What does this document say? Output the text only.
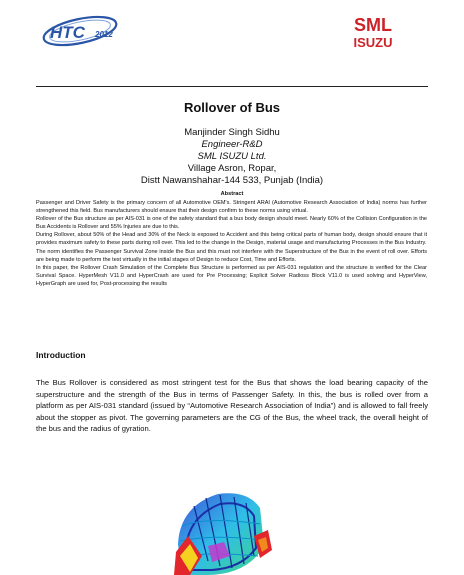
HTC 2012	SML
ISUZU
Rollover of Bus
Manjinder Singh Sidhu
Engineer-R&D
SML ISUZU Ltd.
Village Asron, Ropar,
Distt Nawanshahar-144 533, Punjab (India)
Abstract

Passenger and Driver Safety is the primary concern of all Automotive OEM's. Stringent ARAI (Automotive Research Association of India) norms has further strengthened this field. Bus manufacturers should ensure that their design confirm to these norms using virtual.

Rollover of the Bus structure as per AIS-031 is one of the safety standard that a bus body design should meet. Nearly 60% of the Collision Configuration in the Bus Accidents is Rollover and 55% Injuries are due to this.

During Rollover, about 50% of the Head and 30% of the Neck is exposed to Accident and this being critical parts of human body, design should ensure that it provides maximum safety to these parts during roll over. This led to the change in the Design, material usage and manufacturing Processes in the Bus Industry.

The norm identifies the Passenger Survival Zone inside the Bus and this must not interfere with the Superstructure of the Bus in the event of roll over. Efforts are being made to perform the test virtually in the initial stages of Design to reduce Cost, Time and Efforts.

In this paper, the Rollover Crash Simulation of the Complete Bus Structure is performed as per AIS-031 regulation and the structure is verified for the Clear Survival Space. HyperMesh V11.0 and HyperCrash are used for Pre Processing; Explicit Solver Radioss Block V11.0 is used solving and HyperView, HyperGraph are used for, Post-processing the results

Introduction

The Bus Rollover is considered as most stringent test for the Bus that shows the load bearing capacity of the superstructure and the strength of the Bus in terms of Passenger Safety. In this, the bus is rolled over from a platform as per AIS-031 standard (issued by “Automotive Research Association of India”) and is allowed to fall freely about the stopper as pivot. The governing parameters are the CG of the Bus, the wheel track, the overall height of the bus and the radius of gyration.
